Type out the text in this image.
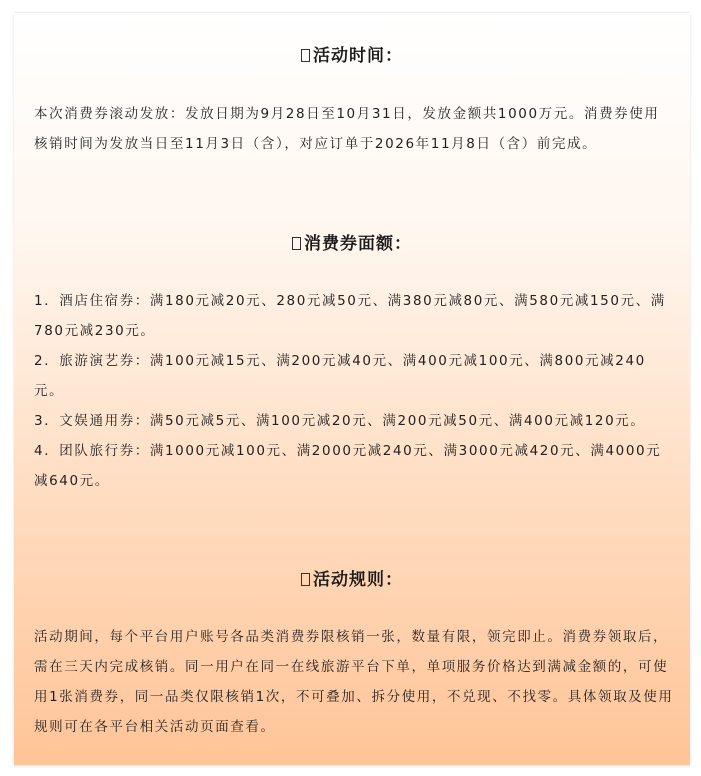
活动时间：

本次消费券滚动发放：发放日期为9月28日至10月31日，发放金额共1000万元。消费券使用核销时间为发放当日至11月3日（含），对应订单于2026年11月8日（含）前完成。

消费券面额：

1．酒店住宿券：满180元减20元、280元减50元、满380元减80元、满580元减150元、满780元减230元。

2．旅游演艺券：满100元减15元、满200元减40元、满400元减100元、满800元减240元。

3．文娱通用券：满50元减5元、满100元减20元、满200元减50元、满400元减120元。

4．团队旅行券：满1000元减100元、满2000元减240元、满3000元减420元、满4000元减640元。

活动规则：

活动期间，每个平台用户账号各品类消费券限核销一张，数量有限，领完即止。消费券领取后，需在三天内完成核销。同一用户在同一在线旅游平台下单，单项服务价格达到满减金额的，可使用1张消费券，同一品类仅限核销1次，不可叠加、拆分使用，不兑现、不找零。具体领取及使用规则可在各平台相关活动页面查看。
